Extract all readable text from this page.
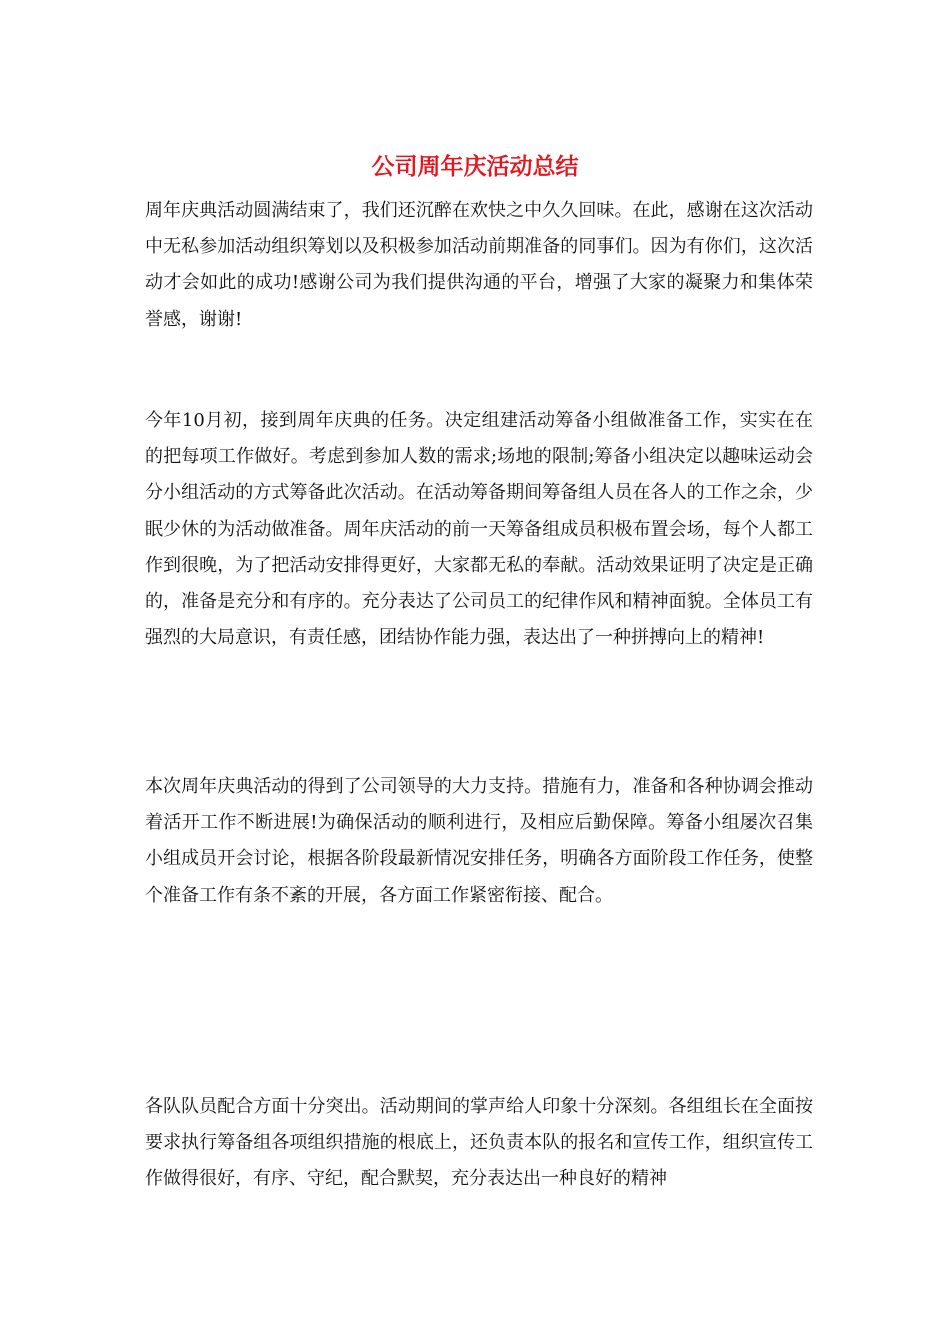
公司周年庆活动总结

周年庆典活动圆满结束了，我们还沉醉在欢快之中久久回味。在此，感谢在这次活动中无私参加活动组织筹划以及积极参加活动前期准备的同事们。因为有你们，这次活动才会如此的成功!感谢公司为我们提供沟通的平台，增强了大家的凝聚力和集体荣誉感，谢谢!

今年10月初，接到周年庆典的任务。决定组建活动筹备小组做准备工作，实实在在的把每项工作做好。考虑到参加人数的需求;场地的限制;筹备小组决定以趣味运动会分小组活动的方式筹备此次活动。在活动筹备期间筹备组人员在各人的工作之余，少眠少休的为活动做准备。周年庆活动的前一天筹备组成员积极布置会场，每个人都工作到很晚，为了把活动安排得更好，大家都无私的奉献。活动效果证明了决定是正确的，准备是充分和有序的。充分表达了公司员工的纪律作风和精神面貌。全体员工有强烈的大局意识，有责任感，团结协作能力强，表达出了一种拼搏向上的精神!

本次周年庆典活动的得到了公司领导的大力支持。措施有力，准备和各种协调会推动着活开工作不断进展!为确保活动的顺利进行，及相应后勤保障。筹备小组屡次召集小组成员开会讨论，根据各阶段最新情况安排任务，明确各方面阶段工作任务，使整个准备工作有条不紊的开展，各方面工作紧密衔接、配合。

各队队员配合方面十分突出。活动期间的掌声给人印象十分深刻。各组组长在全面按要求执行筹备组各项组织措施的根底上，还负责本队的报名和宣传工作，组织宣传工作做得很好，有序、守纪，配合默契，充分表达出一种良好的精神
